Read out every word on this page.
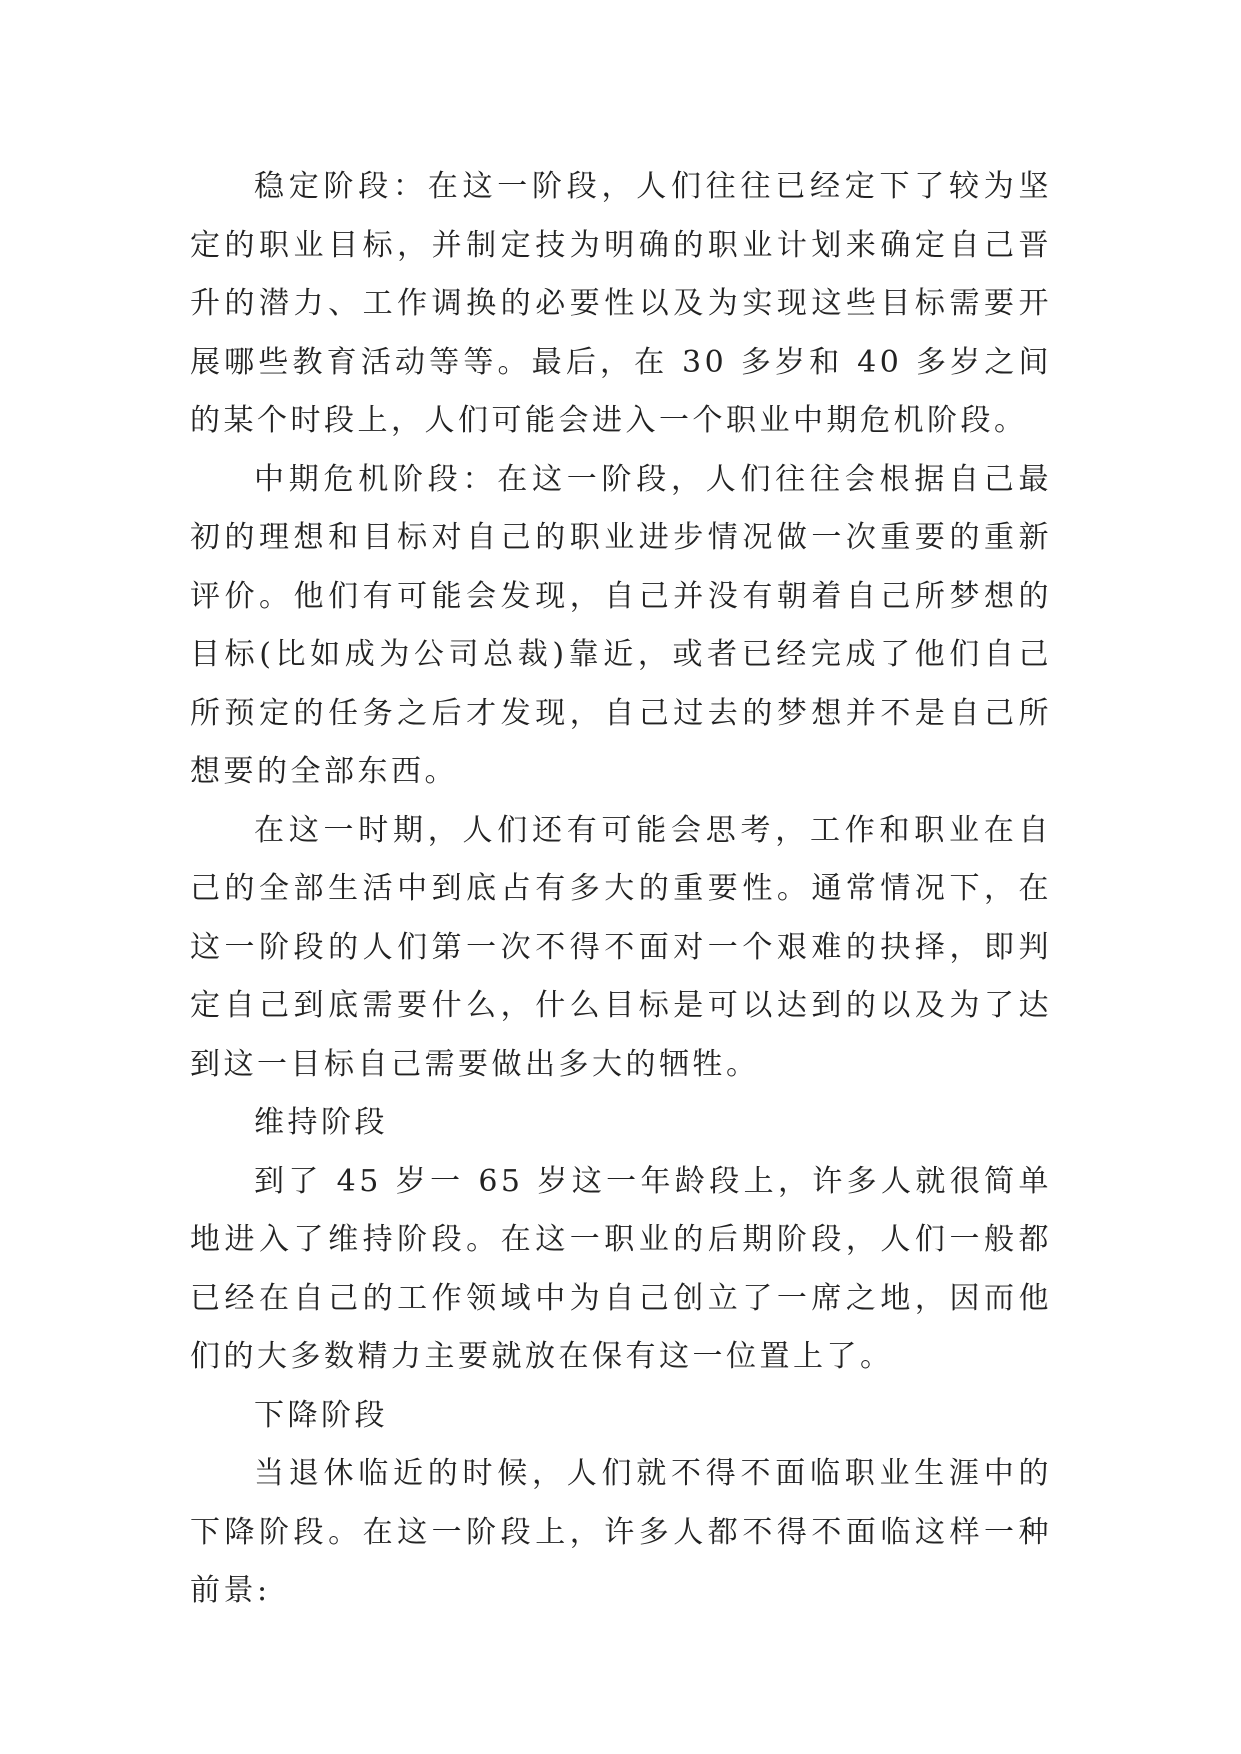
稳定阶段：在这一阶段，人们往往已经定下了较为坚定的职业目标，并制定技为明确的职业计划来确定自己晋升的潜力、工作调换的必要性以及为实现这些目标需要开展哪些教育活动等等。最后，在 30 多岁和 40 多岁之间的某个时段上，人们可能会进入一个职业中期危机阶段。

中期危机阶段：在这一阶段，人们往往会根据自己最初的理想和目标对自己的职业进步情况做一次重要的重新评价。他们有可能会发现，自己并没有朝着自己所梦想的目标(比如成为公司总裁)靠近，或者已经完成了他们自己所预定的任务之后才发现，自己过去的梦想并不是自己所想要的全部东西。

在这一时期，人们还有可能会思考，工作和职业在自己的全部生活中到底占有多大的重要性。通常情况下，在这一阶段的人们第一次不得不面对一个艰难的抉择，即判定自己到底需要什么，什么目标是可以达到的以及为了达到这一目标自己需要做出多大的牺牲。

维持阶段

到了 45 岁一 65 岁这一年龄段上，许多人就很简单地进入了维持阶段。在这一职业的后期阶段，人们一般都已经在自己的工作领域中为自己创立了一席之地，因而他们的大多数精力主要就放在保有这一位置上了。

下降阶段

当退休临近的时候，人们就不得不面临职业生涯中的下降阶段。在这一阶段上，许多人都不得不面临这样一种前景:
